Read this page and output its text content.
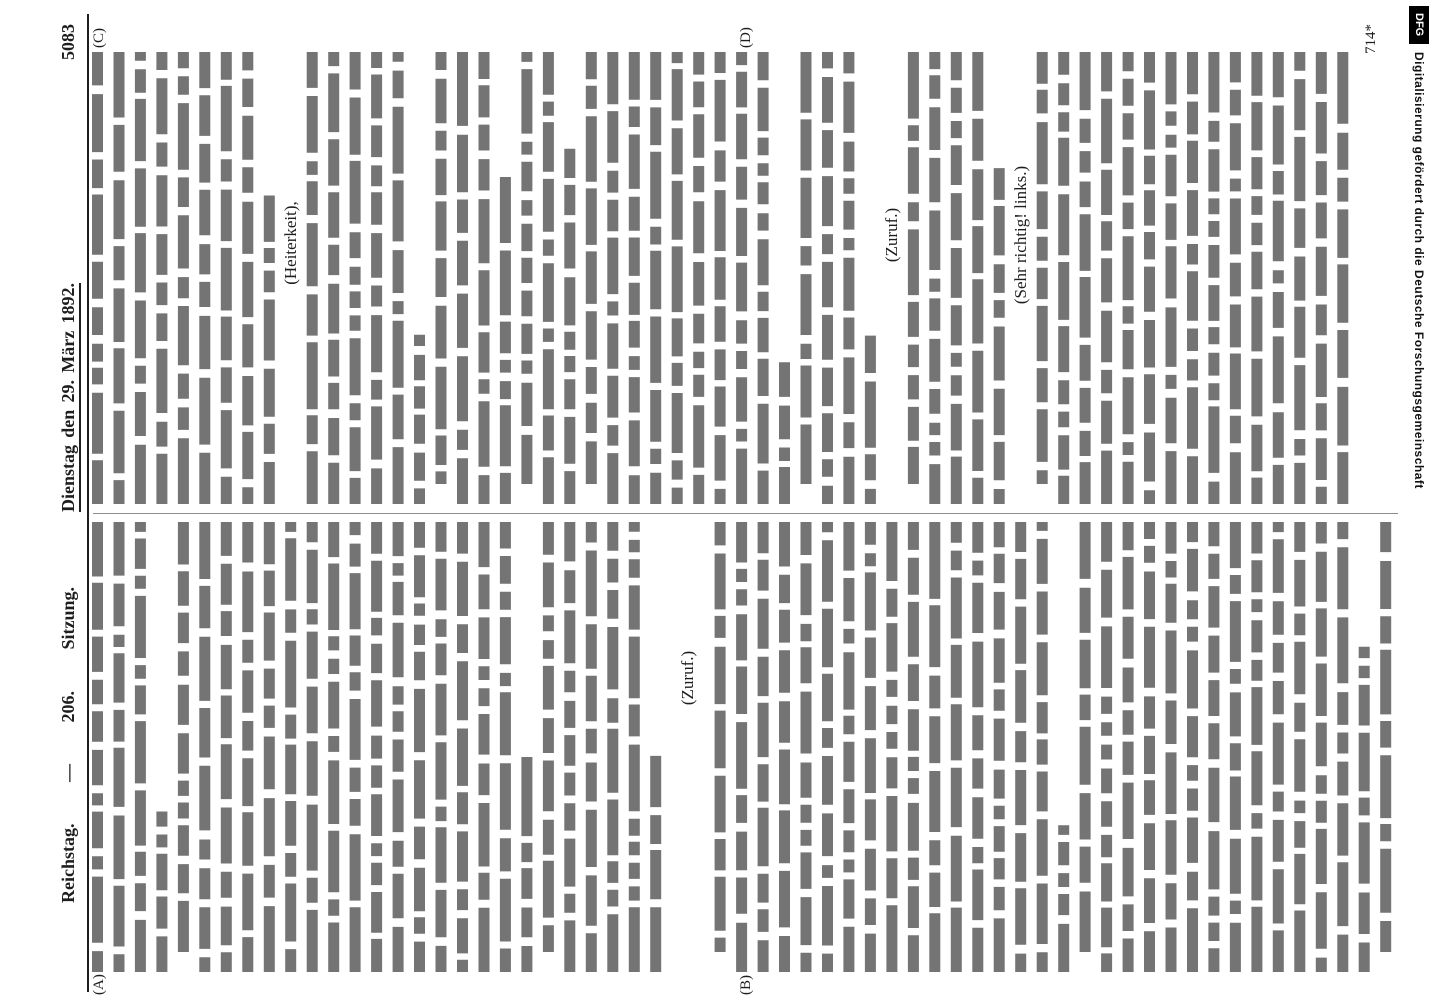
Reichstag. — 206. Sitzung.
Dienstag den 29. März 1892.
5083
(A)	(B)
(C)	(D)
(Zuruf.)
(Heiterkeit),	(Zuruf.)	(Sehr richtig! links.)
714*	DFG
Digitalisierung gefördert durch die Deutsche Forschungsgemeinschaft
